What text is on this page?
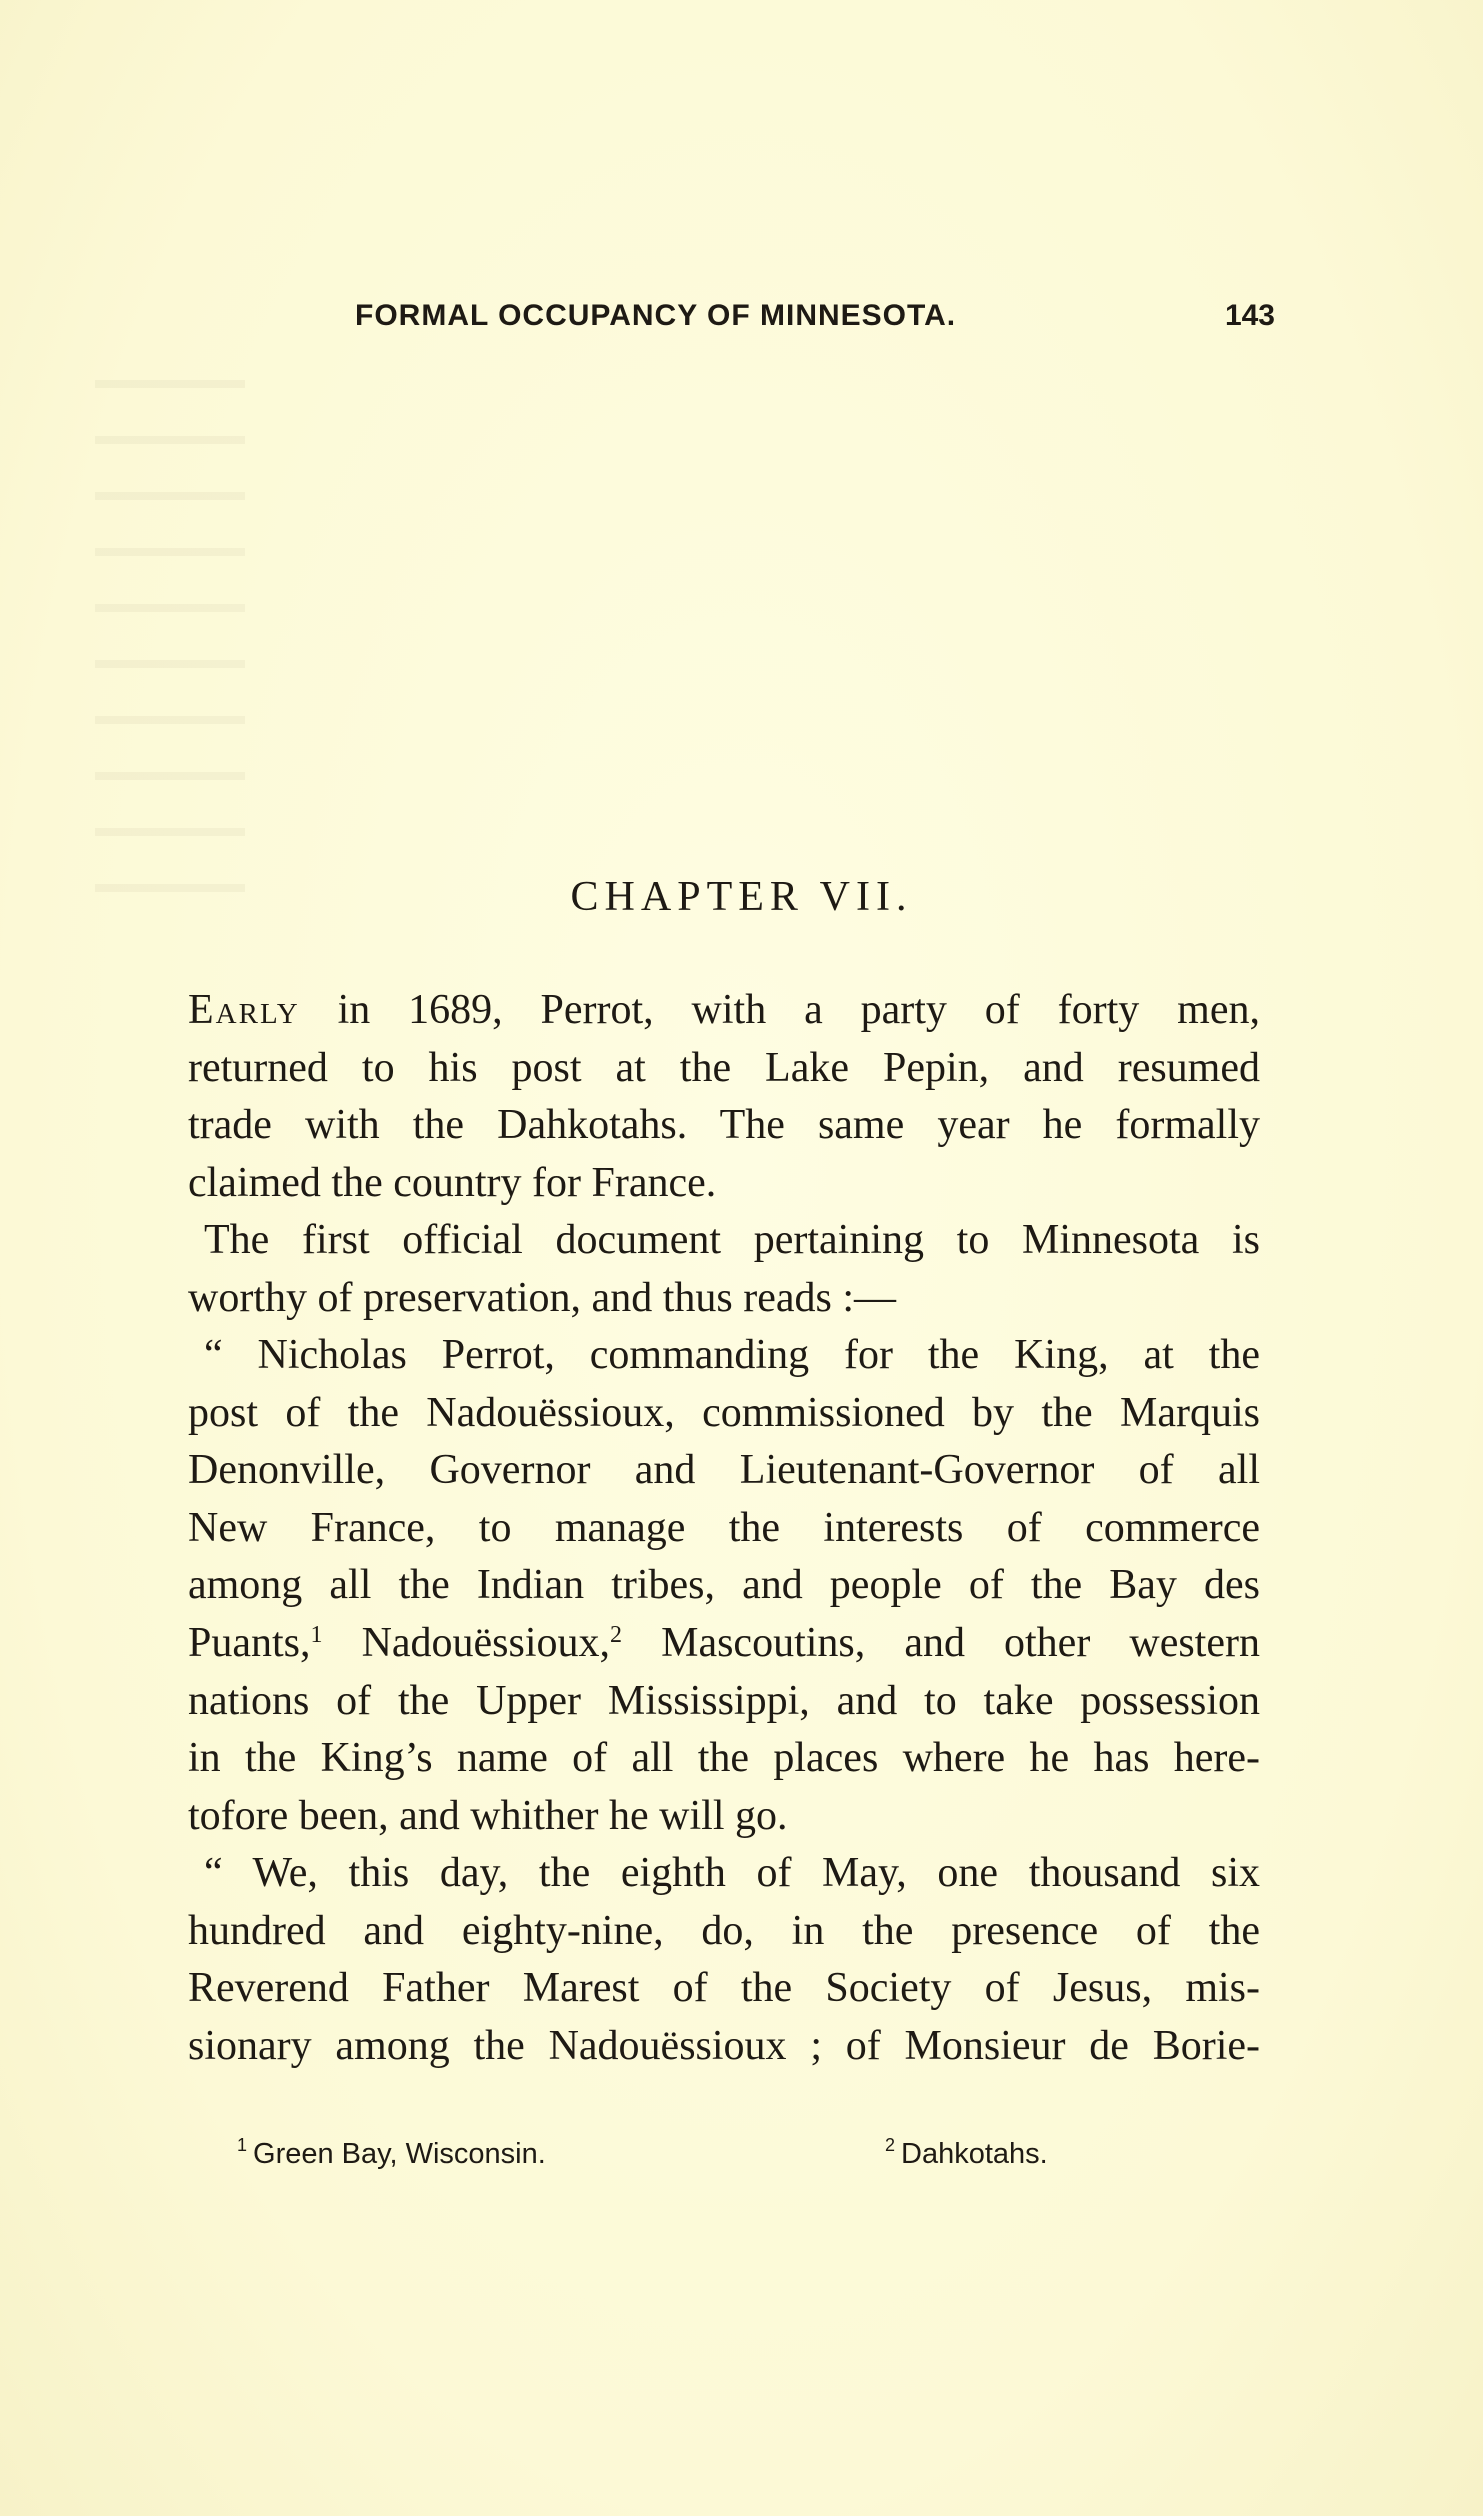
FORMAL OCCUPANCY OF MINNESOTA.	143
CHAPTER VII.
Early in 1689, Perrot, with a party of forty men,
returned to his post at the Lake Pepin, and resumed
trade with the Dahkotahs. The same year he formally
claimed the country for France.
The first official document pertaining to Minnesota is
worthy of preservation, and thus reads :—
“ Nicholas Perrot, commanding for the King, at the
post of the Nadouëssioux, commissioned by the Marquis
Denonville, Governor and Lieutenant-Governor of all
New France, to manage the interests of commerce
among all the Indian tribes, and people of the Bay des
Puants,$^1$ Nadouëssioux,$^2$ Mascoutins, and other western
nations of the Upper Mississippi, and to take possession
in the King’s name of all the places where he has here-
tofore been, and whither he will go.
“ We, this day, the eighth of May, one thousand six
hundred and eighty-nine, do, in the presence of the
Reverend Father Marest of the Society of Jesus, mis-
sionary among the Nadouëssioux ; of Monsieur de Borie-
$^1$ Green Bay, Wisconsin.	$^2$ Dahkotahs.
